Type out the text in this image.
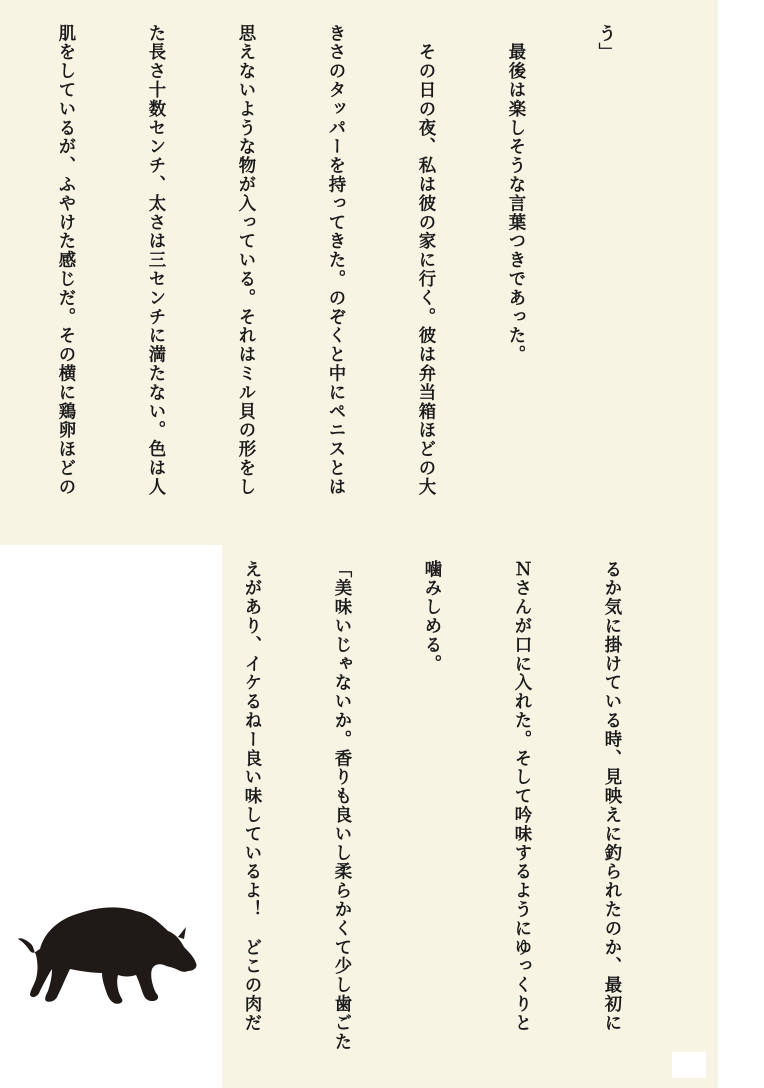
う」

　最後は楽しそうな言葉つきであった。

　その日の夜、私は彼の家に行く。彼は弁当箱ほどの大

きさのタッパーを持ってきた。のぞくと中にペニスとは

思えないような物が入っている。それはミル貝の形をし

た長さ十数センチ、太さは三センチに満たない。色は人

肌をしているが、ふやけた感じだ。その横に鶏卵ほどの

るか気に掛けている時、見映えに釣られたのか、最初に

Ｎさんが口に入れた。そして吟味するようにゆっくりと

噛みしめる。

「美味いじゃないか。香りも良いし柔らかくて少し歯ごた

えがあり、イケるねー良い味しているよ！　どこの肉だ
